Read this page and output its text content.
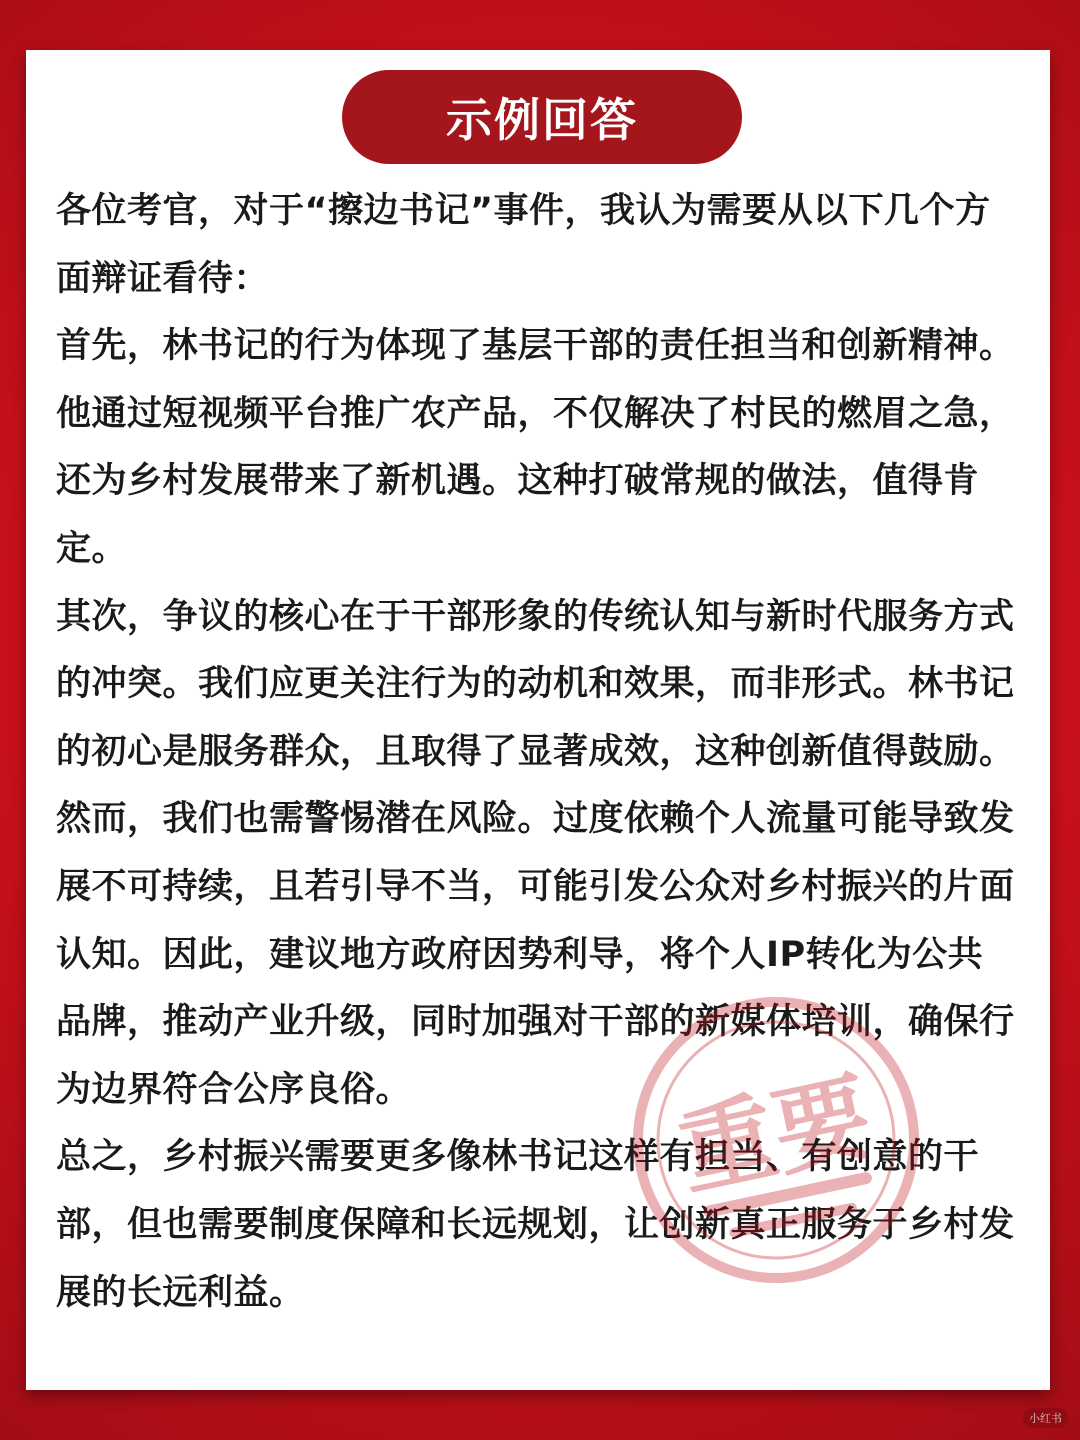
示例回答

各位考官，对于“擦边书记”事件，我认为需要从以下几个方面辩证看待：

首先，林书记的行为体现了基层干部的责任担当和创新精神。他通过短视频平台推广农产品，不仅解决了村民的燃眉之急，还为乡村发展带来了新机遇。这种打破常规的做法，值得肯定。

其次，争议的核心在于干部形象的传统认知与新时代服务方式的冲突。我们应更关注行为的动机和效果，而非形式。林书记的初心是服务群众，且取得了显著成效，这种创新值得鼓励。

然而，我们也需警惕潜在风险。过度依赖个人流量可能导致发展不可持续，且若引导不当，可能引发公众对乡村振兴的片面认知。因此，建议地方政府因势利导，将个人IP转化为公共品牌，推动产业升级，同时加强对干部的新媒体培训，确保行为边界符合公序良俗。

总之，乡村振兴需要更多像林书记这样有担当、有创意的干部，但也需要制度保障和长远规划，让创新真正服务于乡村发展的长远利益。

重要
小红书
